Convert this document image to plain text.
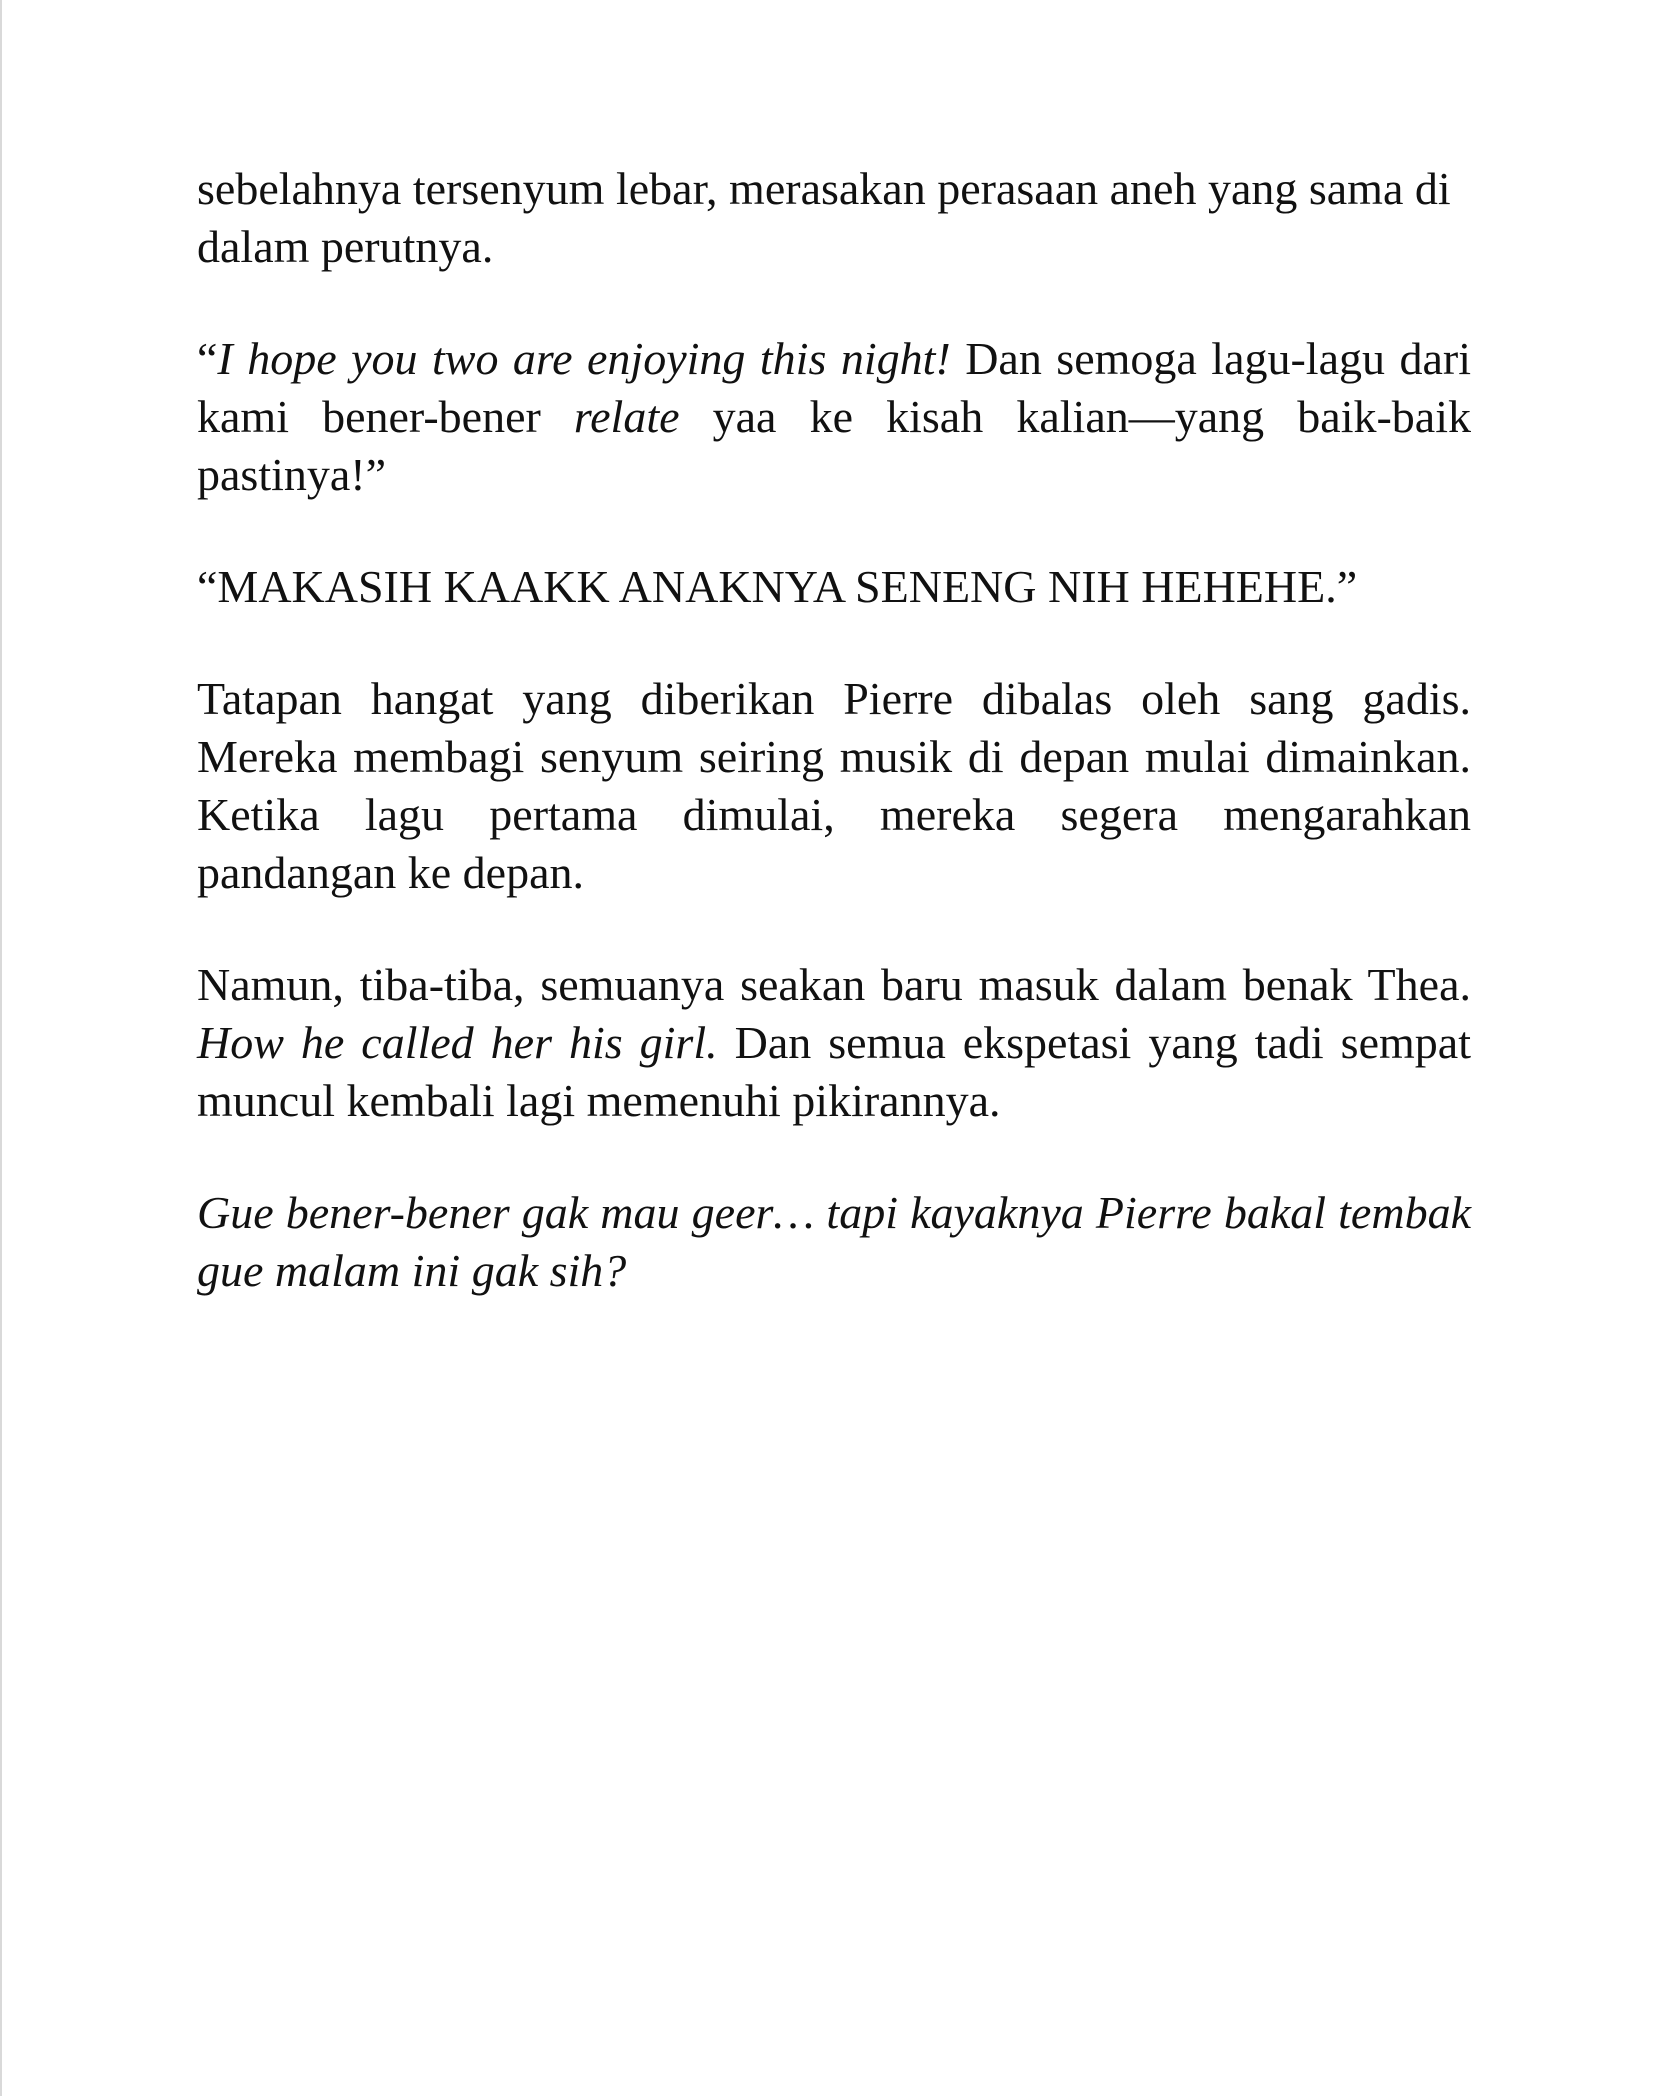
sebelahnya tersenyum lebar, merasakan perasaan aneh yang sama di dalam perutnya.

“I hope you two are enjoying this night! Dan semoga lagu-lagu dari kami bener-bener relate yaa ke kisah kalian—yang baik-baik pastinya!”

“MAKASIH KAAKK ANAKNYA SENENG NIH HEHEHE.”

Tatapan hangat yang diberikan Pierre dibalas oleh sang gadis. Mereka membagi senyum seiring musik di depan mulai dimainkan. Ketika lagu pertama dimulai, mereka segera mengarahkan pandangan ke depan.

Namun, tiba-tiba, semuanya seakan baru masuk dalam benak Thea. How he called her his girl. Dan semua ekspetasi yang tadi sempat muncul kembali lagi memenuhi pikirannya.

Gue bener-bener gak mau geer… tapi kayaknya Pierre bakal tembak gue malam ini gak sih?
